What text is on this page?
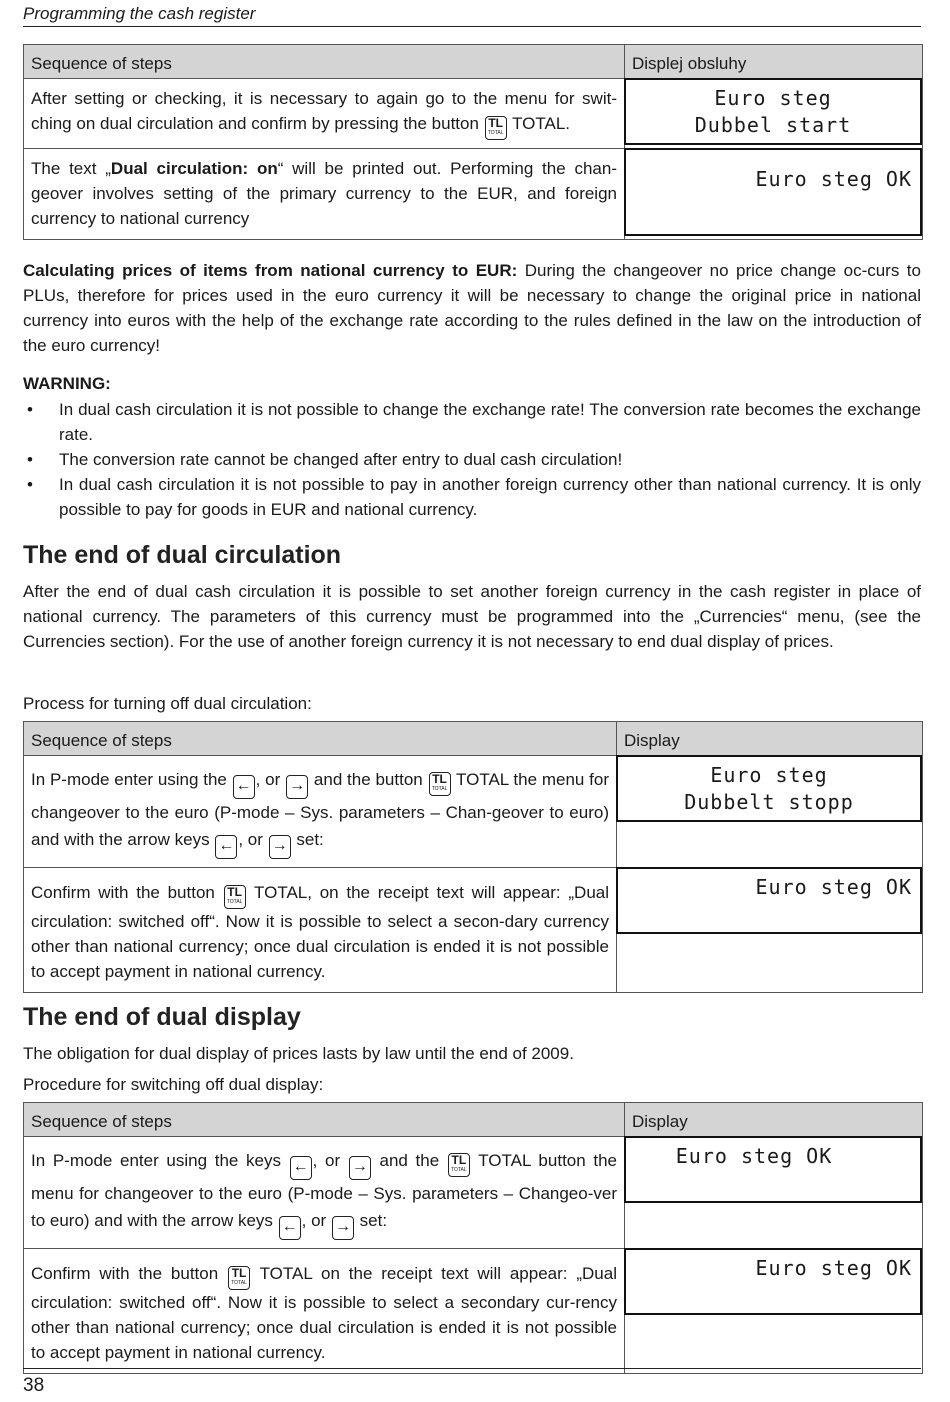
Programming the cash register
Sequence of steps	Displej obsluhy

After setting or checking, it is necessary to again go to the menu for swit-ching on dual circulation and confirm by pressing the button TL
TOTAL TOTAL.	Euro steg
Dubbel start

The text „Dual circulation: on“ will be printed out. Performing the chan-geover involves setting of the primary currency to the EUR, and foreign currency to national currency	Euro steg OK
Calculating prices of items from national currency to EUR: During the changeover no price change oc-curs to PLUs, therefore for prices used in the euro currency it will be necessary to change the original price in national currency into euros with the help of the exchange rate according to the rules defined in the law on the introduction of the euro currency!
WARNING:
• In dual cash circulation it is not possible to change the exchange rate! The conversion rate becomes the exchange rate.
• The conversion rate cannot be changed after entry to dual cash circulation!
• In dual cash circulation it is not possible to pay in another foreign currency other than national currency. It is only possible to pay for goods in EUR and national currency.
The end of dual circulation
After the end of dual cash circulation it is possible to set another foreign currency in the cash register in place of national currency. The parameters of this currency must be programmed into the „Currencies“ menu, (see the Currencies section). For the use of another foreign currency it is not necessary to end dual display of prices.
Process for turning off dual circulation:
Sequence of steps	Display

In P-mode enter using the ← , or → and the button TL
TOTAL TOTAL the menu for changeover to the euro (P-mode – Sys. parameters – Chan-geover to euro) and with the arrow keys ← , or → set:	Euro steg
Dubbelt stopp

Confirm with the button TL
TOTAL TOTAL, on the receipt text will appear: „Dual circulation: switched off“. Now it is possible to select a secon-dary currency other than national currency; once dual circulation is ended it is not possible to accept payment in national currency.	Euro steg OK
The end of dual display
The obligation for dual display of prices lasts by law until the end of 2009.
Procedure for switching off dual display:
Sequence of steps	Display

In P-mode enter using the keys ← , or → and the TL
TOTAL TOTAL button the menu for changeover to the euro (P-mode – Sys. parameters – Changeo-ver to euro) and with the arrow keys ← , or → set:	Euro steg OK

Confirm with the button TL
TOTAL TOTAL on the receipt text will appear: „Dual circulation: switched off“. Now it is possible to select a secondary cur-rency other than national currency; once dual circulation is ended it is not possible to accept payment in national currency.	Euro steg OK
38
